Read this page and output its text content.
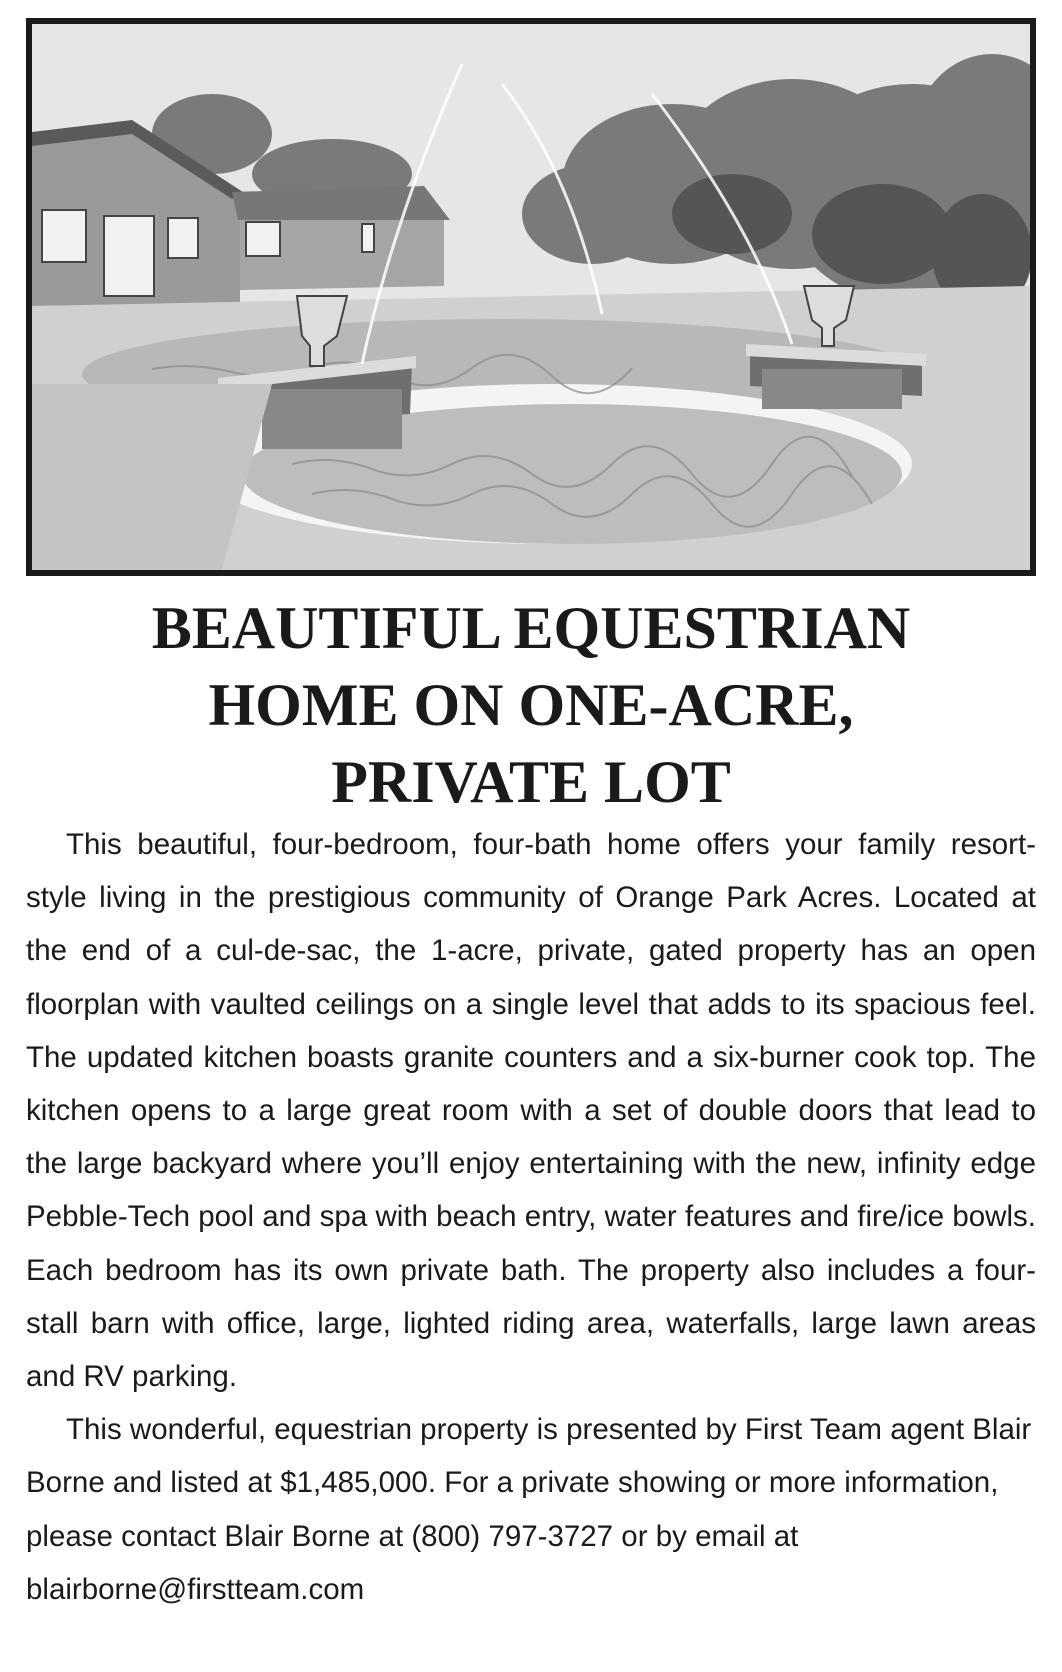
BEAUTIFUL EQUESTRIAN
HOME ON ONE-ACRE,
PRIVATE LOT

This beautiful, four-bedroom, four-bath home offers your family resort-style living in the prestigious community of Orange Park Acres. Located at the end of a cul-de-sac, the 1-acre, private, gated property has an open floorplan with vaulted ceilings on a single level that adds to its spacious feel. The updated kitchen boasts granite counters and a six-burner cook top. The kitchen opens to a large great room with a set of double doors that lead to the large backyard where you’ll enjoy entertaining with the new, infinity edge Pebble-Tech pool and spa with beach entry, water features and fire/ice bowls. Each bedroom has its own private bath. The property also includes a four-stall barn with office, large, lighted riding area, waterfalls, large lawn areas and RV parking.

This wonderful, equestrian property is presented by First Team agent Blair Borne and listed at $1,485,000. For a private showing or more information, please contact Blair Borne at (800) 797-3727 or by email at blairborne@firstteam.com
